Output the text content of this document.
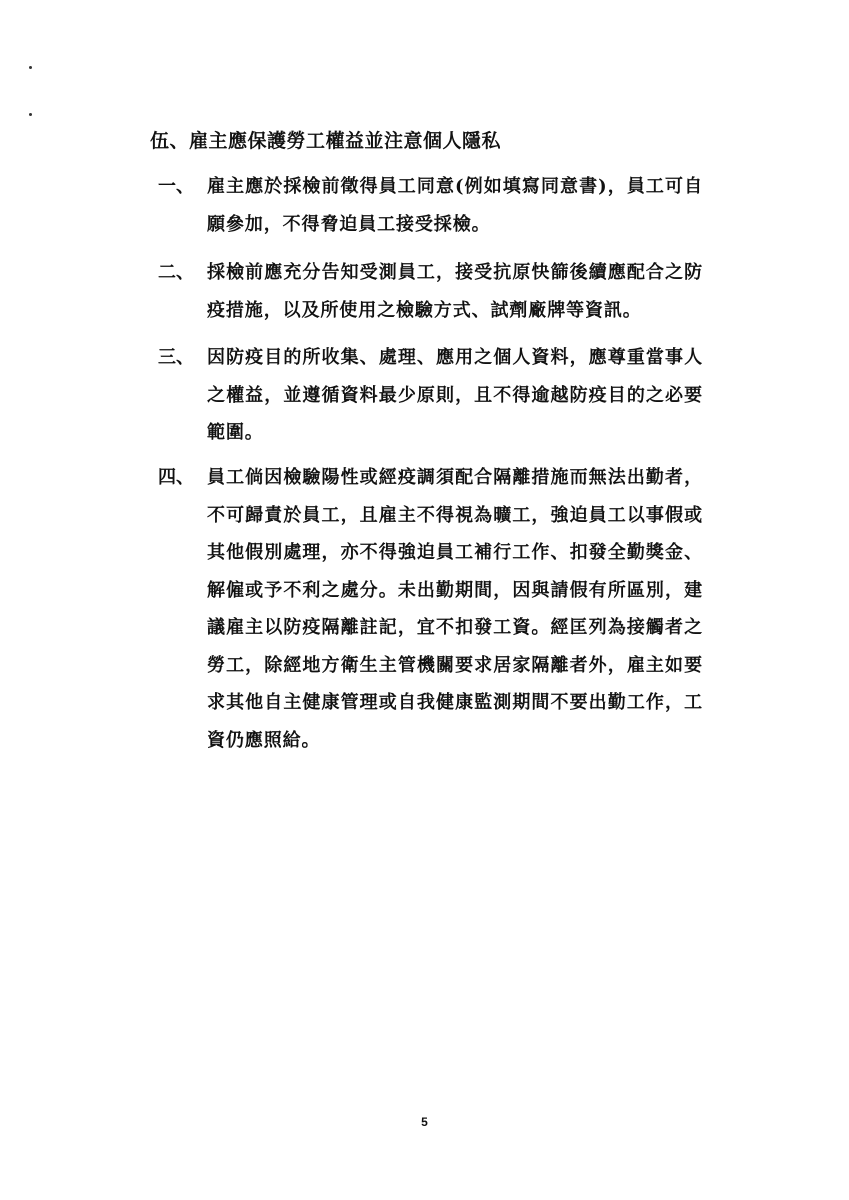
伍、雇主應保護勞工權益並注意個人隱私
一、 雇主應於採檢前徵得員工同意(例如填寫同意書)，員工可自願參加，不得脅迫員工接受採檢。
二、 採檢前應充分告知受測員工，接受抗原快篩後續應配合之防疫措施，以及所使用之檢驗方式、試劑廠牌等資訊。
三、 因防疫目的所收集、處理、應用之個人資料，應尊重當事人之權益，並遵循資料最少原則，且不得逾越防疫目的之必要範圍。
四、 員工倘因檢驗陽性或經疫調須配合隔離措施而無法出勤者，不可歸責於員工，且雇主不得視為曠工，強迫員工以事假或其他假別處理，亦不得強迫員工補行工作、扣發全勤獎金、解僱或予不利之處分。未出勤期間，因與請假有所區別，建議雇主以防疫隔離註記，宜不扣發工資。經匡列為接觸者之勞工，除經地方衛生主管機關要求居家隔離者外，雇主如要求其他自主健康管理或自我健康監測期間不要出勤工作，工資仍應照給。
5
